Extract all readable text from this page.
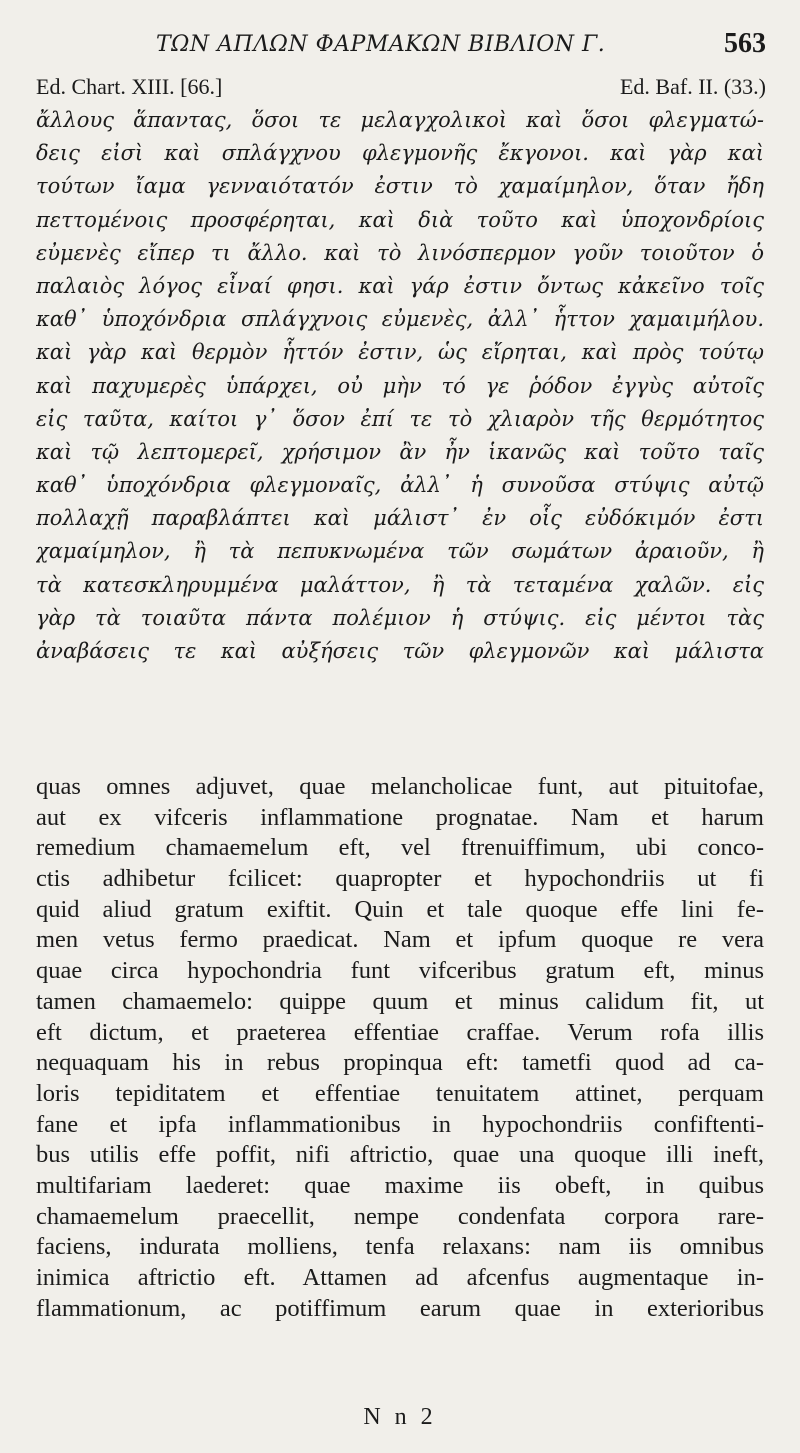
ΤΩΝ ΑΠΛΩΝ ΦΑΡΜΑΚΩΝ ΒΙΒΛΙΟΝ Γ.	563
Ed. Chart. XIII. [66.]	Ed. Baf. II. (33.)
ἄλλους ἅπαντας, ὅσοι τε μελαγχολικοὶ καὶ ὅσοι φλεγματώ-
δεις εἰσὶ καὶ σπλάγχνου φλεγμονῆς ἔκγονοι. καὶ γὰρ καὶ
τούτων ἴαμα γενναιότατόν ἐστιν τὸ χαμαίμηλον, ὅταν ἤδη
πεττομένοις προσφέρηται, καὶ διὰ τοῦτο καὶ ὑποχονδρίοις
εὐμενὲς εἴπερ τι ἄλλο. καὶ τὸ λινόσπερμον γοῦν τοιοῦτον ὁ
παλαιὸς λόγος εἶναί φησι. καὶ γάρ ἐστιν ὄντως κἀκεῖνο τοῖς
καθ᾽ ὑποχόνδρια σπλάγχνοις εὐμενὲς, ἀλλ᾽ ἧττον χαμαιμήλου.
καὶ γὰρ καὶ θερμὸν ἧττόν ἐστιν, ὡς εἴρηται, καὶ πρὸς τούτῳ
καὶ παχυμερὲς ὑπάρχει, οὐ μὴν τό γε ῥόδον ἐγγὺς αὐτοῖς
εἰς ταῦτα, καίτοι γ᾽ ὅσον ἐπί τε τὸ χλιαρὸν τῆς θερμότητος
καὶ τῷ λεπτομερεῖ, χρήσιμον ἂν ἦν ἱκανῶς καὶ τοῦτο ταῖς
καθ᾽ ὑποχόνδρια φλεγμοναῖς, ἀλλ᾽ ἡ συνοῦσα στύψις αὐτῷ
πολλαχῇ παραβλάπτει καὶ μάλιστ᾽ ἐν οἷς εὐδόκιμόν ἐστι
χαμαίμηλον, ἢ τὰ πεπυκνωμένα τῶν σωμάτων ἀραιοῦν, ἢ
τὰ κατεσκληρυμμένα μαλάττον, ἢ τὰ τεταμένα χαλῶν. εἰς
γὰρ τὰ τοιαῦτα πάντα πολέμιον ἡ στύψις. εἰς μέντοι τὰς
ἀναβάσεις τε καὶ αὐξήσεις τῶν φλεγμονῶν καὶ μάλιστα
quas omnes adjuvet, quae melancholicae funt, aut pituitofae,
aut ex vifceris inflammatione prognatae. Nam et harum
remedium chamaemelum eft, vel ftrenuiffimum, ubi conco-
ctis adhibetur fcilicet: quapropter et hypochondriis ut fi
quid aliud gratum exiftit. Quin et tale quoque effe lini fe-
men vetus fermo praedicat. Nam et ipfum quoque re vera
quae circa hypochondria funt vifceribus gratum eft, minus
tamen chamaemelo: quippe quum et minus calidum fit, ut
eft dictum, et praeterea effentiae craffae. Verum rofa illis
nequaquam his in rebus propinqua eft: tametfi quod ad ca-
loris tepiditatem et effentiae tenuitatem attinet, perquam
fane et ipfa inflammationibus in hypochondriis confiftenti-
bus utilis effe poffit, nifi aftrictio, quae una quoque illi ineft,
multifariam laederet: quae maxime iis obeft, in quibus
chamaemelum praecellit, nempe condenfata corpora rare-
faciens, indurata molliens, tenfa relaxans: nam iis omnibus
inimica aftrictio eft. Attamen ad afcenfus augmentaque in-
flammationum, ac potiffimum earum quae in exterioribus
N n 2
